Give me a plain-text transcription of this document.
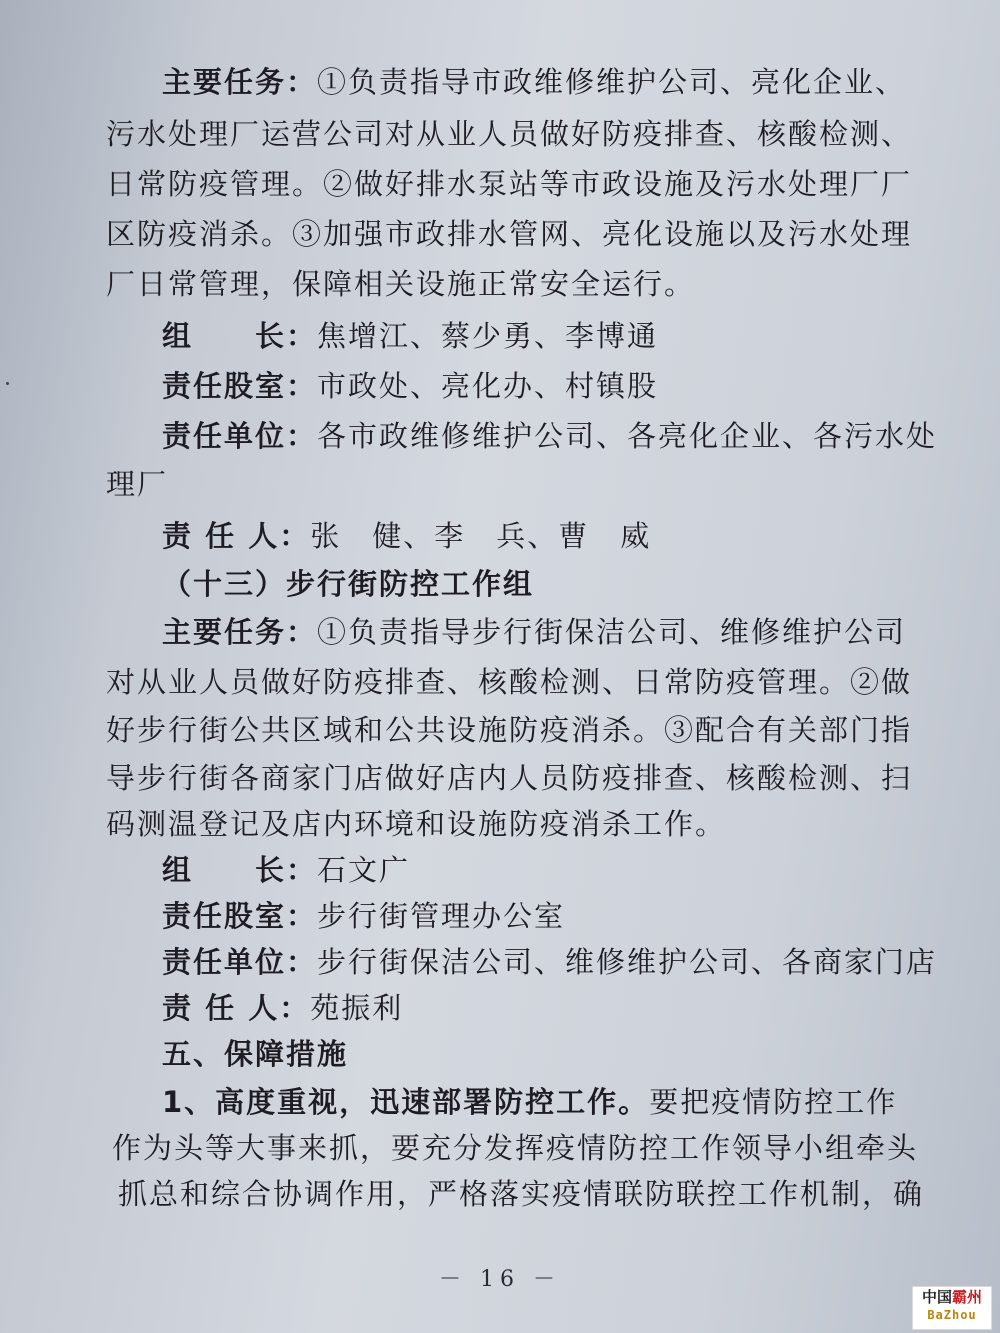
主要任务：①负责指导市政维修维护公司、亮化企业、
污水处理厂运营公司对从业人员做好防疫排查、核酸检测、
日常防疫管理。②做好排水泵站等市政设施及污水处理厂厂
区防疫消杀。③加强市政排水管网、亮化设施以及污水处理
厂日常管理，保障相关设施正常安全运行。
组　　长：焦增江、蔡少勇、李博通
责任股室：市政处、亮化办、村镇股
责任单位：各市政维修维护公司、各亮化企业、各污水处
理厂
责 任 人：张　健、李　兵、曹　威
（十三）步行街防控工作组
主要任务：①负责指导步行街保洁公司、维修维护公司
对从业人员做好防疫排查、核酸检测、日常防疫管理。②做
好步行街公共区域和公共设施防疫消杀。③配合有关部门指
导步行街各商家门店做好店内人员防疫排查、核酸检测、扫
码测温登记及店内环境和设施防疫消杀工作。
组　　长：石文广
责任股室：步行街管理办公室
责任单位：步行街保洁公司、维修维护公司、各商家门店
责 任 人：苑振利
五、保障措施
1、高度重视，迅速部署防控工作。要把疫情防控工作
作为头等大事来抓，要充分发挥疫情防控工作领导小组牵头
抓总和综合协调作用，严格落实疫情联防联控工作机制，确
－ 16 －
中国霸州
BaZhou
